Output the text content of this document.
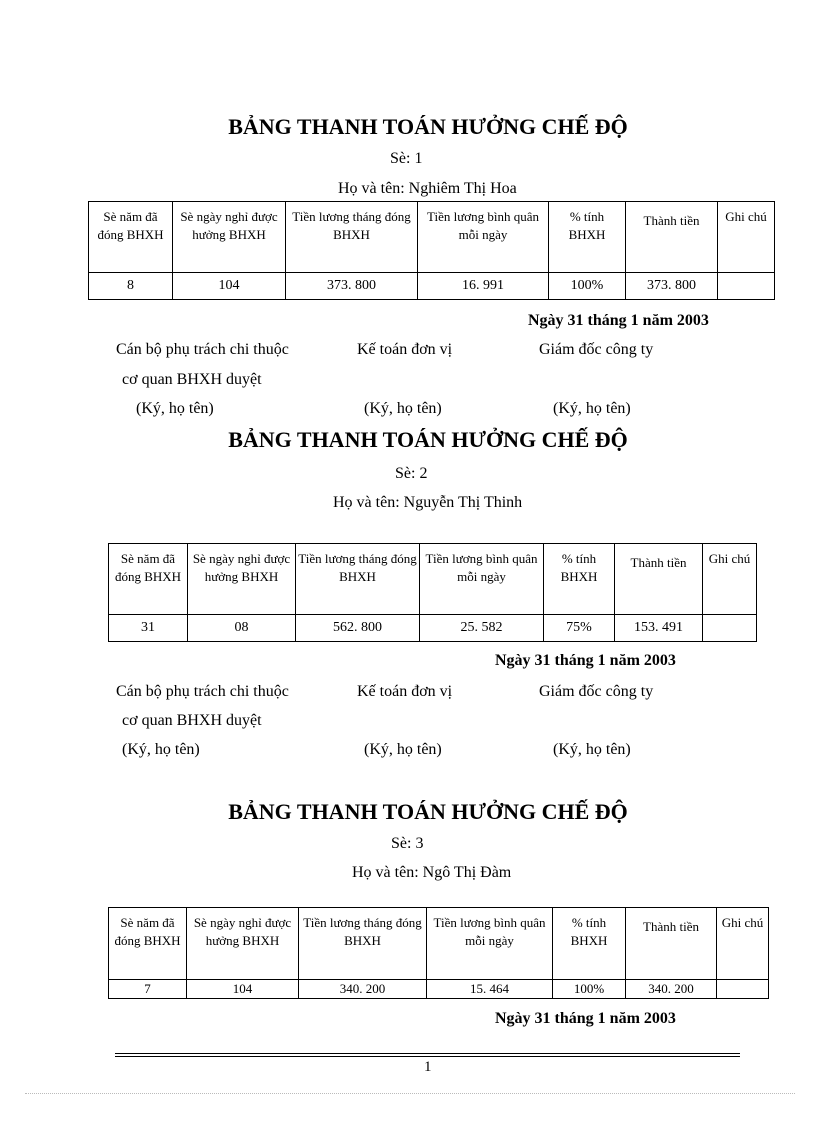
BẢNG THANH TOÁN HƯỞNG CHẾ ĐỘ
Sè: 1
Họ và tên: Nghiêm Thị Hoa
Sè năm đã đóng BHXH	Sè ngày nghỉ được hưởng BHXH	Tiền lương tháng đóng BHXH	Tiền lương bình quân mỗi ngày	% tính BHXH	Thành tiền	Ghi chú
8	104	373. 800	16. 991	100%	373. 800	
Ngày 31 tháng 1 năm 2003
Cán bộ phụ trách chi thuộc	Kế toán đơn vị	Giám đốc công ty
cơ quan BHXH duyệt
(Ký, họ tên)	(Ký, họ tên)	(Ký, họ tên)
BẢNG THANH TOÁN HƯỞNG CHẾ ĐỘ
Sè: 2
Họ và tên: Nguyễn Thị Thinh
Sè năm đã đóng BHXH	Sè ngày nghỉ được hưởng BHXH	Tiền lương tháng đóng BHXH	Tiền lương bình quân mỗi ngày	% tính BHXH	Thành tiền	Ghi chú
31	08	562. 800	25. 582	75%	153. 491	
Ngày 31 tháng 1 năm 2003
Cán bộ phụ trách chi thuộc	Kế toán đơn vị	Giám đốc công ty
cơ quan BHXH duyệt
(Ký, họ tên)	(Ký, họ tên)	(Ký, họ tên)
BẢNG THANH TOÁN HƯỞNG CHẾ ĐỘ
Sè: 3
Họ và tên: Ngô Thị Đàm
Sè năm đã đóng BHXH	Sè ngày nghỉ được hưởng BHXH	Tiền lương tháng đóng BHXH	Tiền lương bình quân mỗi ngày	% tính BHXH	Thành tiền	Ghi chú
7	104	340. 200	15. 464	100%	340. 200	
Ngày 31 tháng 1 năm 2003
1
